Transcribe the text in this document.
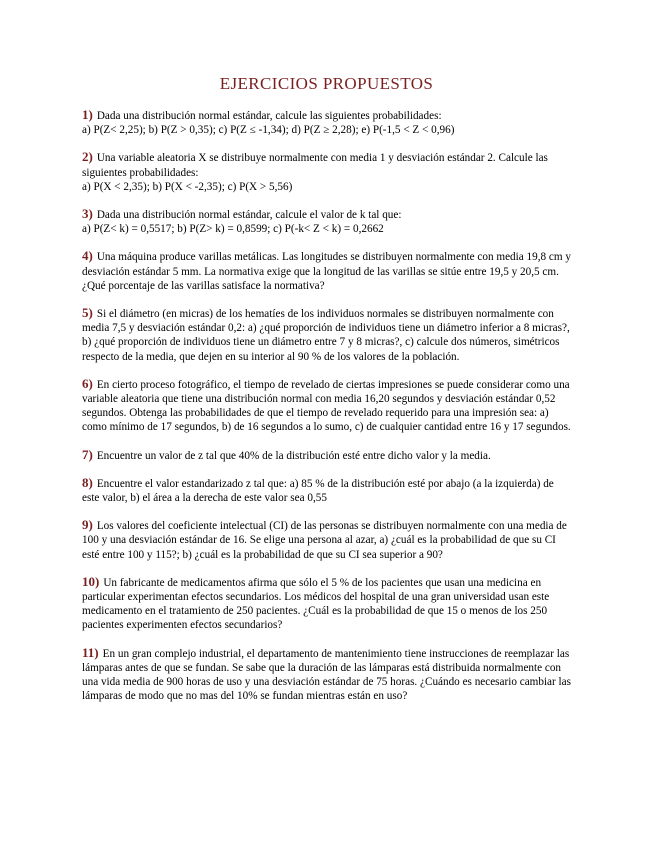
EJERCICIOS PROPUESTOS

1) Dada una distribución normal estándar, calcule las siguientes probabilidades:
a) P(Z< 2,25); b) P(Z > 0,35); c) P(Z ≤ -1,34); d) P(Z ≥ 2,28); e) P(-1,5 < Z < 0,96)

2) Una variable aleatoria X se distribuye normalmente con media 1 y desviación estándar 2. Calcule las siguientes probabilidades:
a) P(X < 2,35); b) P(X < -2,35); c) P(X > 5,56)

3) Dada una distribución normal estándar, calcule el valor de k tal que:
a) P(Z< k) = 0,5517; b) P(Z> k) = 0,8599; c) P(-k< Z < k) = 0,2662

4) Una máquina produce varillas metálicas. Las longitudes se distribuyen normalmente con media 19,8 cm y desviación estándar 5 mm. La normativa exige que la longitud de las varillas se sitúe entre 19,5 y 20,5 cm. ¿Qué porcentaje de las varillas satisface la normativa?

5) Si el diámetro (en micras) de los hematíes de los individuos normales se distribuyen normalmente con media 7,5 y desviación estándar 0,2: a) ¿qué proporción de individuos tiene un diámetro inferior a 8 micras?, b) ¿qué proporción de individuos tiene un diámetro entre 7 y 8 micras?, c) calcule dos números, simétricos respecto de la media, que dejen en su interior al 90 % de los valores de la población.

6) En cierto proceso fotográfico, el tiempo de revelado de ciertas impresiones se puede considerar como una variable aleatoria que tiene una distribución normal con media 16,20 segundos y desviación estándar 0,52 segundos. Obtenga las probabilidades de que el tiempo de revelado requerido para una impresión sea: a) como mínimo de 17 segundos, b) de 16 segundos a lo sumo, c) de cualquier cantidad entre 16 y 17 segundos.

7) Encuentre un valor de z tal que 40% de la distribución esté entre dicho valor y la media.

8) Encuentre el valor estandarizado z tal que: a) 85 % de la distribución esté por abajo (a la izquierda) de este valor, b) el área a la derecha de este valor sea 0,55

9) Los valores del coeficiente intelectual (CI) de las personas se distribuyen normalmente con una media de 100 y una desviación estándar de 16. Se elige una persona al azar, a) ¿cuál es la probabilidad de que su CI esté entre 100 y 115?; b) ¿cuál es la probabilidad de que su CI sea superior a 90?

10) Un fabricante de medicamentos afirma que sólo el 5 % de los pacientes que usan una medicina en particular experimentan efectos secundarios. Los médicos del hospital de una gran universidad usan este medicamento en el tratamiento de 250 pacientes. ¿Cuál es la probabilidad de que 15 o menos de los 250 pacientes experimenten efectos secundarios?

11) En un gran complejo industrial, el departamento de mantenimiento tiene instrucciones de reemplazar las lámparas antes de que se fundan. Se sabe que la duración de las lámparas está distribuida normalmente con una vida media de 900 horas de uso y una desviación estándar de 75 horas. ¿Cuándo es necesario cambiar las lámparas de modo que no mas del 10% se fundan mientras están en uso?
